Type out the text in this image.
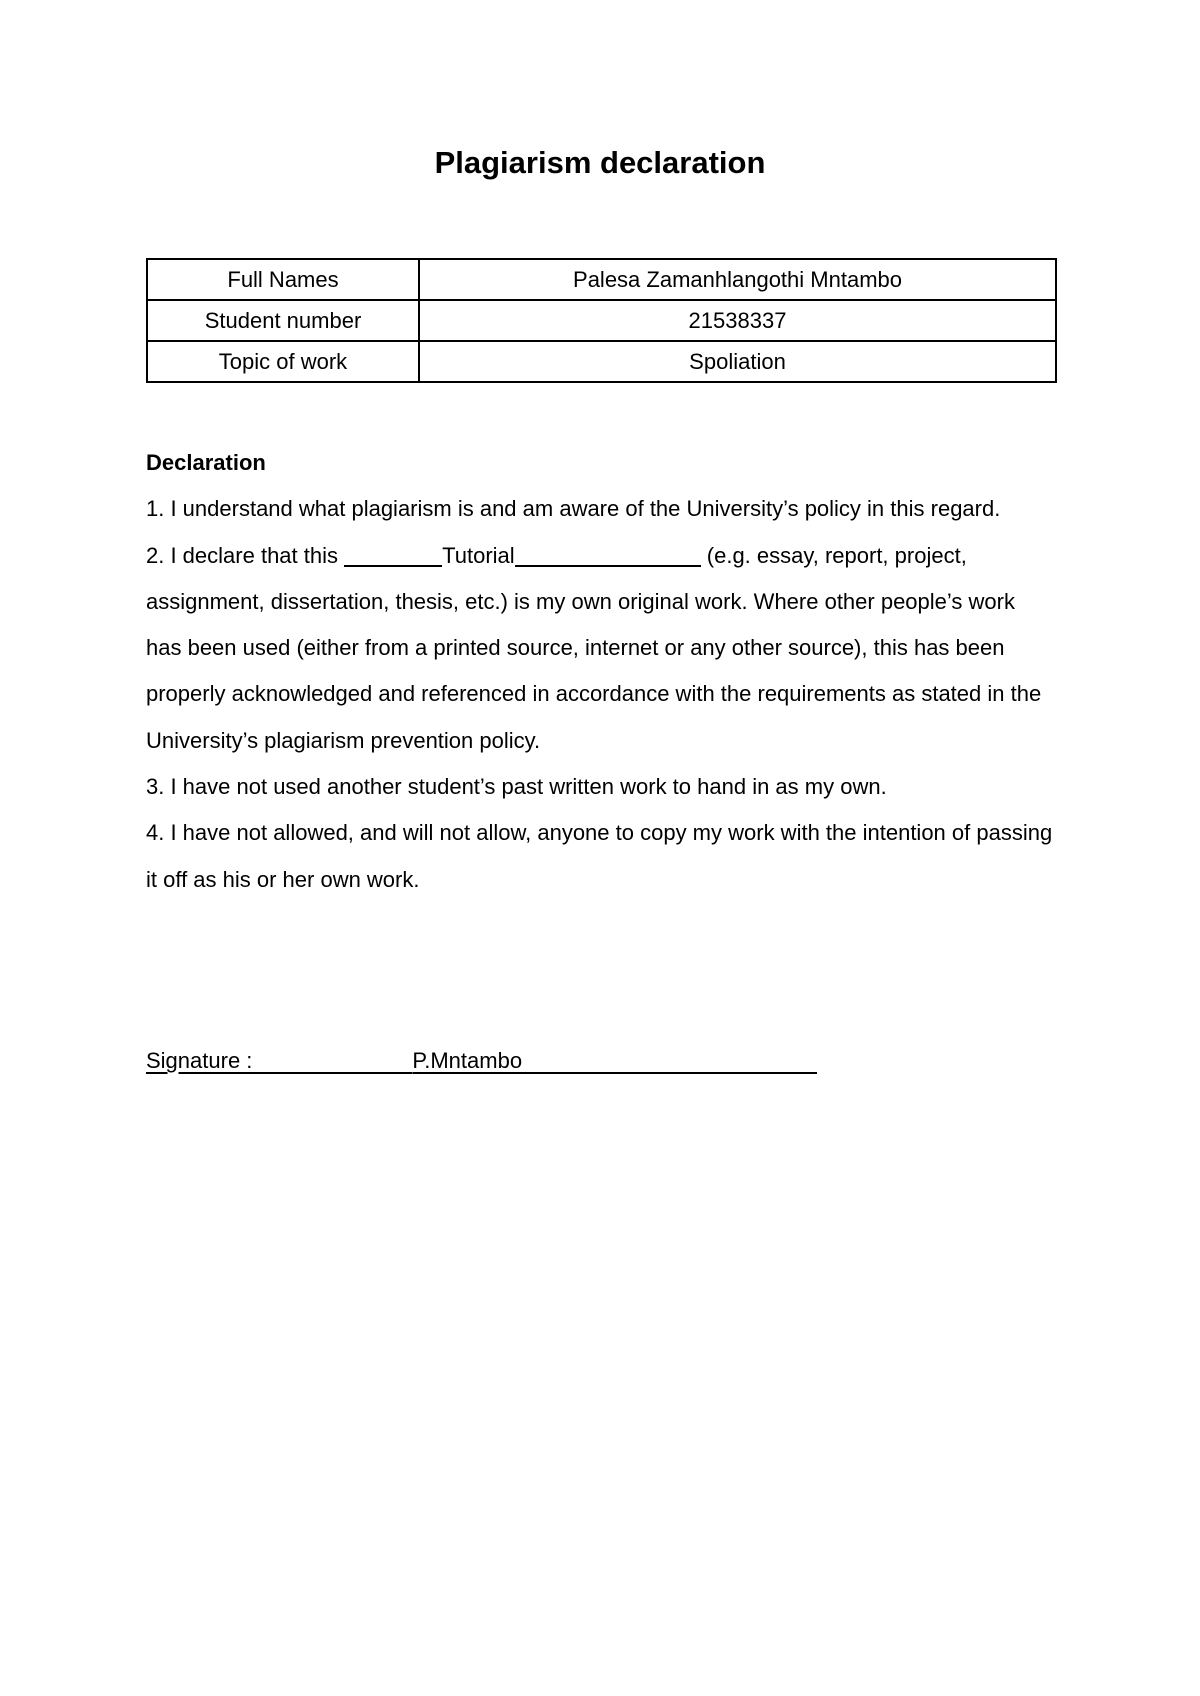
Plagiarism declaration
Full Names	Palesa Zamanhlangothi Mntambo
Student number	21538337
Topic of work	Spoliation

Declaration

1. I understand what plagiarism is and am aware of the University’s policy in this regard.

2. I declare that this	Tutorial	(e.g. essay, report, project, assignment, dissertation, thesis, etc.) is my own original work. Where other people’s work has been used (either from a printed source, internet or any other source), this has been properly acknowledged and referenced in accordance with the requirements as stated in the University’s plagiarism prevention policy.

3. I have not used another student’s past written work to hand in as my own.

4. I have not allowed, and will not allow, anyone to copy my work with the intention of passing it off as his or her own work.

Signature :	P.Mntambo
